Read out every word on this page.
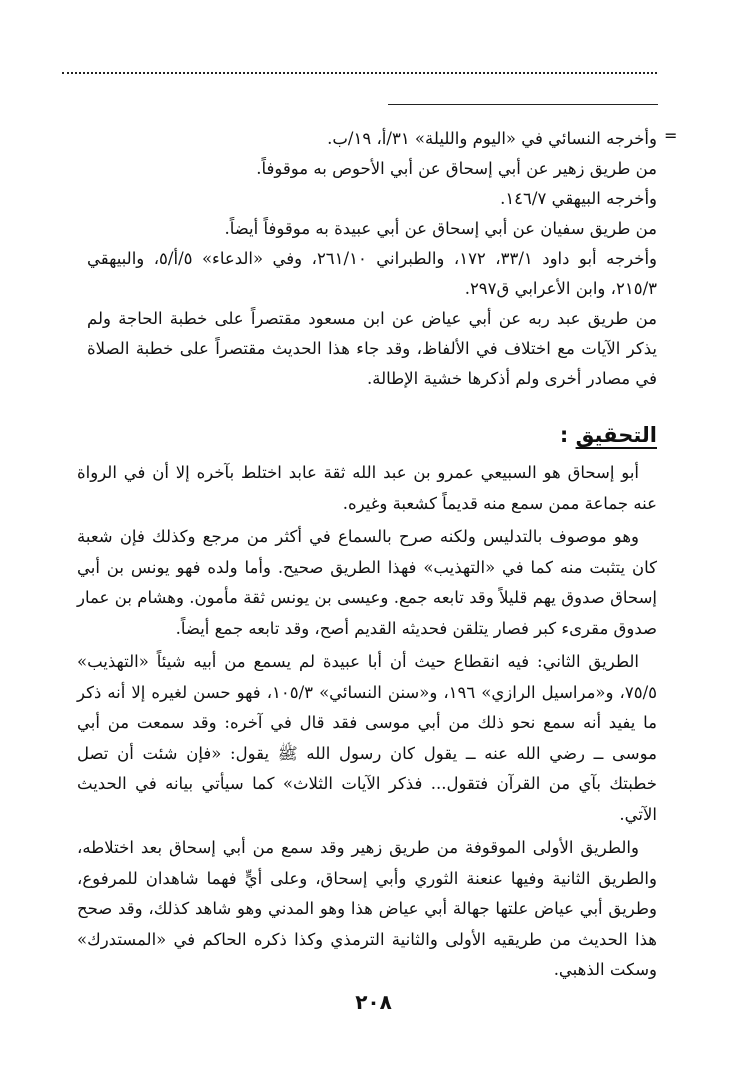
=

وأخرجه النسائي في «اليوم والليلة» ٣١/أ، ١٩/ب.

من طريق زهير عن أبي إسحاق عن أبي الأحوص به موقوفاً.

وأخرجه البيهقي ١٤٦/٧.

من طريق سفيان عن أبي إسحاق عن أبي عبيدة به موقوفاً أيضاً.

وأخرجه أبو داود ٣٣/١، ١٧٢، والطبراني ٢٦١/١٠، وفي «الدعاء» ٥/أ/٥، والبيهقي ٢١٥/٣، وابن الأعرابي ق٢٩٧.

من طريق عبد ربه عن أبي عياض عن ابن مسعود مقتصراً على خطبة الحاجة ولم يذكر الآيات مع اختلاف في الألفاظ، وقد جاء هذا الحديث مقتصراً على خطبة الصلاة في مصادر أخرى ولم أذكرها خشية الإطالة.

التحقيق :

أبو إسحاق هو السبيعي عمرو بن عبد الله ثقة عابد اختلط بآخره إلا أن في الرواة عنه جماعة ممن سمع منه قديماً كشعبة وغيره.

وهو موصوف بالتدليس ولكنه صرح بالسماع في أكثر من مرجع وكذلك فإن شعبة كان يتثبت منه كما في «التهذيب» فهذا الطريق صحيح. وأما ولده فهو يونس بن أبي إسحاق صدوق يهم قليلاً وقد تابعه جمع. وعيسى بن يونس ثقة مأمون. وهشام بن عمار صدوق مقرىء كبر فصار يتلقن فحديثه القديم أصح، وقد تابعه جمع أيضاً.

الطريق الثاني: فيه انقطاع حيث أن أبا عبيدة لم يسمع من أبيه شيئاً «التهذيب» ٧٥/٥، و«مراسيل الرازي» ١٩٦، و«سنن النسائي» ١٠٥/٣، فهو حسن لغيره إلا أنه ذكر ما يفيد أنه سمع نحو ذلك من أبي موسى فقد قال في آخره: وقد سمعت من أبي موسى ــ رضي الله عنه ــ يقول كان رسول الله ﷺ يقول: «فإن شئت أن تصل خطبتك بآي من القرآن فتقول... فذكر الآيات الثلاث» كما سيأتي بيانه في الحديث الآتي.

والطريق الأولى الموقوفة من طريق زهير وقد سمع من أبي إسحاق بعد اختلاطه، والطريق الثانية وفيها عنعنة الثوري وأبي إسحاق، وعلى أيٍّ فهما شاهدان للمرفوع، وطريق أبي عياض علتها جهالة أبي عياض هذا وهو المدني وهو شاهد كذلك، وقد صحح هذا الحديث من طريقيه الأولى والثانية الترمذي وكذا ذكره الحاكم في «المستدرك» وسكت الذهبي.

٢٠٨
